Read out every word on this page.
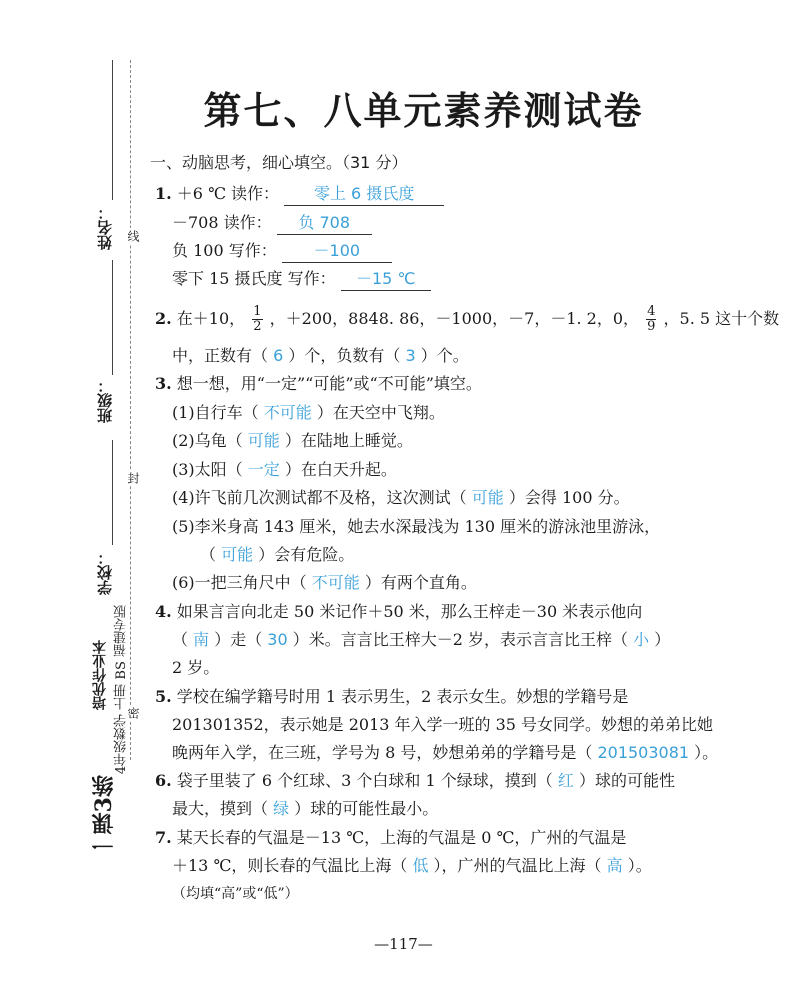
姓名：
班级：
学校：
线
封
密
一课3练
培优作业本 4年级数学 上册 BS 福建专版
第七、八单元素养测试卷
一、动脑思考，细心填空。（31 分）
1. ＋6 ℃ 读作： 零上 6 摄氏度
－708 读作： 负 708
负 100 写作： －100
零下 15 摄氏度 写作： －15 ℃
2. 在＋10， $\frac{1}{2}$ ，＋200，8848. 86，－1000，－7，－1. 2，0， $\frac{4}{9}$ ，5. 5 这十个数
中，正数有（ 6 ）个，负数有（ 3 ）个。
3. 想一想，用“一定”“可能”或“不可能”填空。
(1)自行车（ 不可能 ）在天空中飞翔。
(2)乌龟（ 可能 ）在陆地上睡觉。
(3)太阳（ 一定 ）在白天升起。
(4)许飞前几次测试都不及格，这次测试（ 可能 ）会得 100 分。
(5)李米身高 143 厘米，她去水深最浅为 130 厘米的游泳池里游泳，
（ 可能 ）会有危险。
(6)一把三角尺中（ 不可能 ）有两个直角。
4. 如果言言向北走 50 米记作＋50 米，那么王梓走－30 米表示他向
（ 南 ）走（ 30 ）米。言言比王梓大－2 岁，表示言言比王梓（ 小 ）
2 岁。
5. 学校在编学籍号时用 1 表示男生，2 表示女生。妙想的学籍号是
201301352，表示她是 2013 年入学一班的 35 号女同学。妙想的弟弟比她
晚两年入学，在三班，学号为 8 号，妙想弟弟的学籍号是（ 201503081 ）。
6. 袋子里装了 6 个红球、3 个白球和 1 个绿球，摸到（ 红 ）球的可能性
最大，摸到（ 绿 ）球的可能性最小。
7. 某天长春的气温是－13 ℃，上海的气温是 0 ℃，广州的气温是
＋13 ℃，则长春的气温比上海（ 低 ），广州的气温比上海（ 高 ）。
（均填“高”或“低”）
—117—
